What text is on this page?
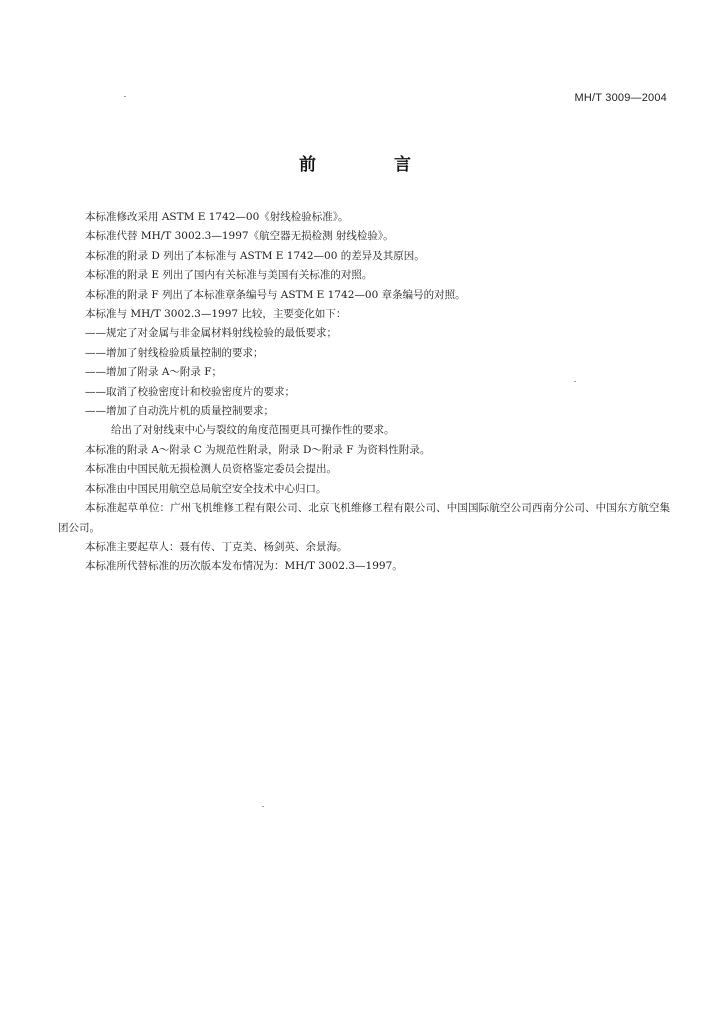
MH/T 3009—2004
前 言
本标准修改采用 ASTM E 1742—00《射线检验标准》。
本标准代替 MH/T 3002.3—1997《航空器无损检测 射线检验》。
本标准的附录 D 列出了本标准与 ASTM E 1742—00 的差异及其原因。
本标准的附录 E 列出了国内有关标准与美国有关标准的对照。
本标准的附录 F 列出了本标准章条编号与 ASTM E 1742—00 章条编号的对照。
本标准与 MH/T 3002.3—1997 比较，主要变化如下：
——规定了对金属与非金属材料射线检验的最低要求；
——增加了射线检验质量控制的要求；
——增加了附录 A～附录 F；
——取消了校验密度计和校验密度片的要求；
——增加了自动洗片机的质量控制要求；
给出了对射线束中心与裂纹的角度范围更具可操作性的要求。
本标准的附录 A～附录 C 为规范性附录，附录 D～附录 F 为资料性附录。
本标准由中国民航无损检测人员资格鉴定委员会提出。
本标准由中国民用航空总局航空安全技术中心归口。
本标准起草单位：广州飞机维修工程有限公司、北京飞机维修工程有限公司、中国国际航空公司西南分公司、中国东方航空集团公司。
本标准主要起草人：聂有传、丁克美、杨剑英、余景海。
本标准所代替标准的历次版本发布情况为：MH/T 3002.3—1997。
